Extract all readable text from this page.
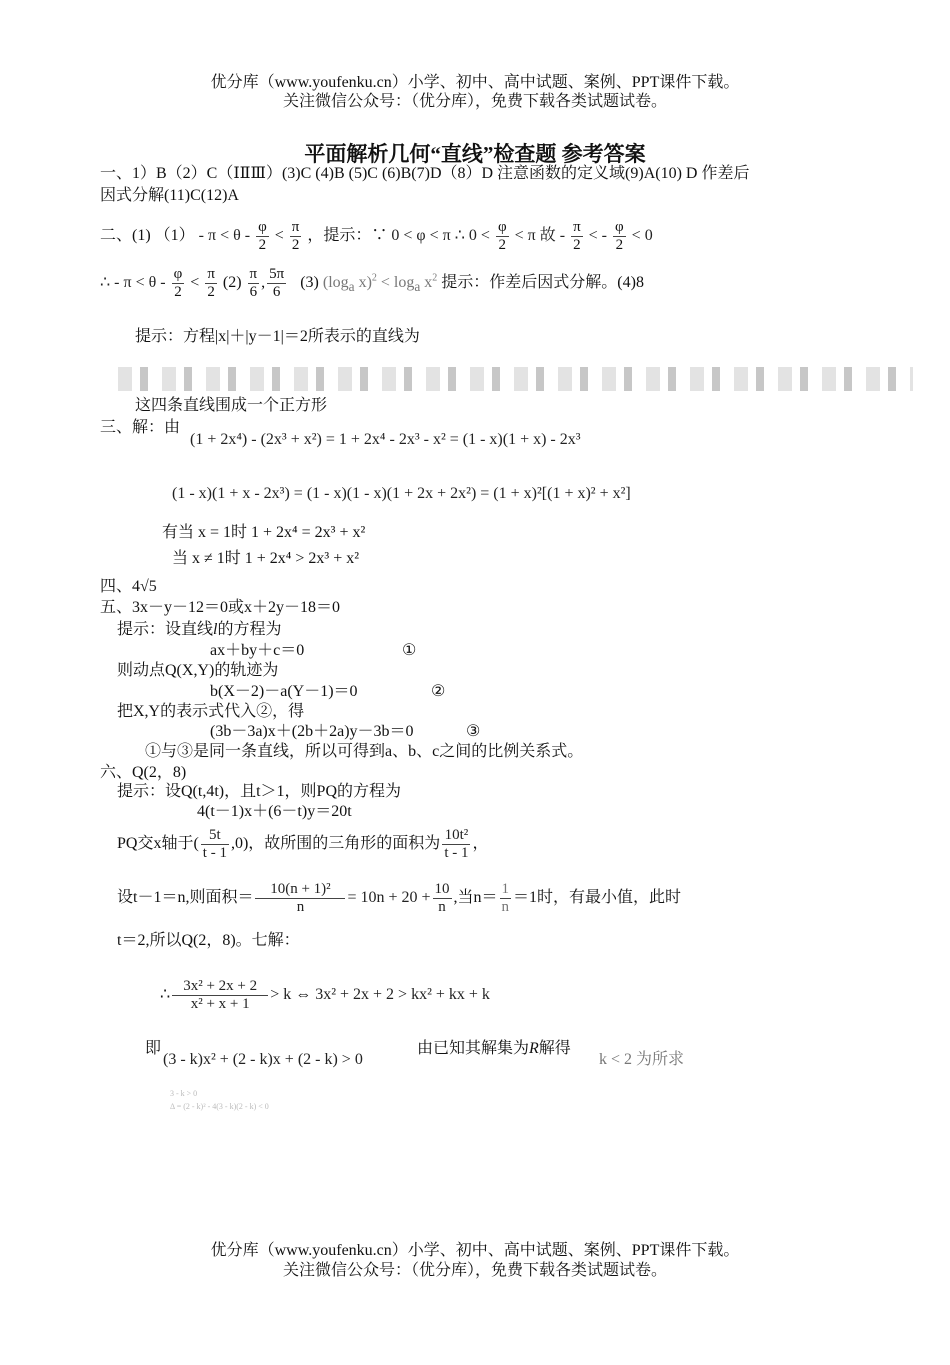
优分库（www.youfenku.cn）小学、初中、高中试题、案例、PPT课件下载。
关注微信公众号：（优分库），免费下载各类试题试卷。
平面解析几何“直线”检查题 参考答案
一、1）B（2）C（ⅠⅡⅢ）(3)C (4)B (5)C (6)B(7)D（8）D 注意函数的定义域(9)A(10) D 作差后
因式分解(11)C(12)A
二、(1) $(1) - \pi < \theta - \frac{\varphi}{2} < \frac{\pi}{2}$ ，提示：∵ 0 < φ < π ∴ $0 < \frac{\varphi}{2} < \pi$ 故 - $\frac{\pi}{2}$ < - $\frac{\varphi}{2} < 0$
∴ - $\pi < \theta - \frac{\varphi}{2} < \frac{\pi}{2} (2) \frac{\pi}{6}$ , $\frac{5\pi}{6} (3)$ ($\log_a$ $x)^2 < \log_a x^2$ 提示：作差后因式分解。(4)8
提示：方程|x|＋|y－1|＝2所表示的直线为
这四条直线围成一个正方形
三、解：由
(1 + 2x⁴) - (2x³ + x²) = 1 + 2x⁴ - 2x³ - x² = (1 - x)(1 + x) - 2x³
(1 - x)(1 + x - 2x³) = (1 - x)(1 - x)(1 + 2x + 2x²) = (1 + x)²[(1 + x)² + x²]
有当 x = 1时 1 + 2x⁴ = 2x³ + x²
当 x ≠ 1时 1 + 2x⁴ > 2x³ + x²
四、4√5
五、3x－y－12＝0或x＋2y－18＝0
提示：设直线l的方程为
ax＋by＋c＝0	①
则动点Q(X,Y)的轨迹为
b(X－2)－a(Y－1)＝0	②
把X,Y的表示式代入②，得
(3b－3a)x＋(2b＋2a)y－3b＝0	③
①与③是同一条直线，所以可得到a、b、c之间的比例关系式。
六、Q(2，8)
提示：设Q(t,4t)，且t＞1，则PQ的方程为
4(t－1)x＋(6－t)y＝20t
PQ交x轴于( $\frac{5t}{t - 1} ,0$)，故所围的三角形的面积为 $\frac{\text{10t²}}{t - 1}$ ，
设t－1＝n,则面积＝ $\frac{\text{10(n + 1)²}}{n} = 10n + 20 + \frac{10}{n}$ ,当$n= \frac{1}{n} =1$时，有最小值，此时
t＝2,所以Q(2，8)。七解：
∴ $\frac{\text{3x² + 2x + 2}}{\text{x² + x + 1}} > k$ ⇔ 3x² + 2x + 2 > kx² + kx + k
即
(3 - k)x² + (2 - k)x + (2 - k) > 0
由已知其解集为R解得
k < 2 为所求
3 - k > 0
Δ = (2 - k)² - 4(3 - k)(2 - k) < 0
优分库（www.youfenku.cn）小学、初中、高中试题、案例、PPT课件下载。
关注微信公众号：（优分库），免费下载各类试题试卷。
